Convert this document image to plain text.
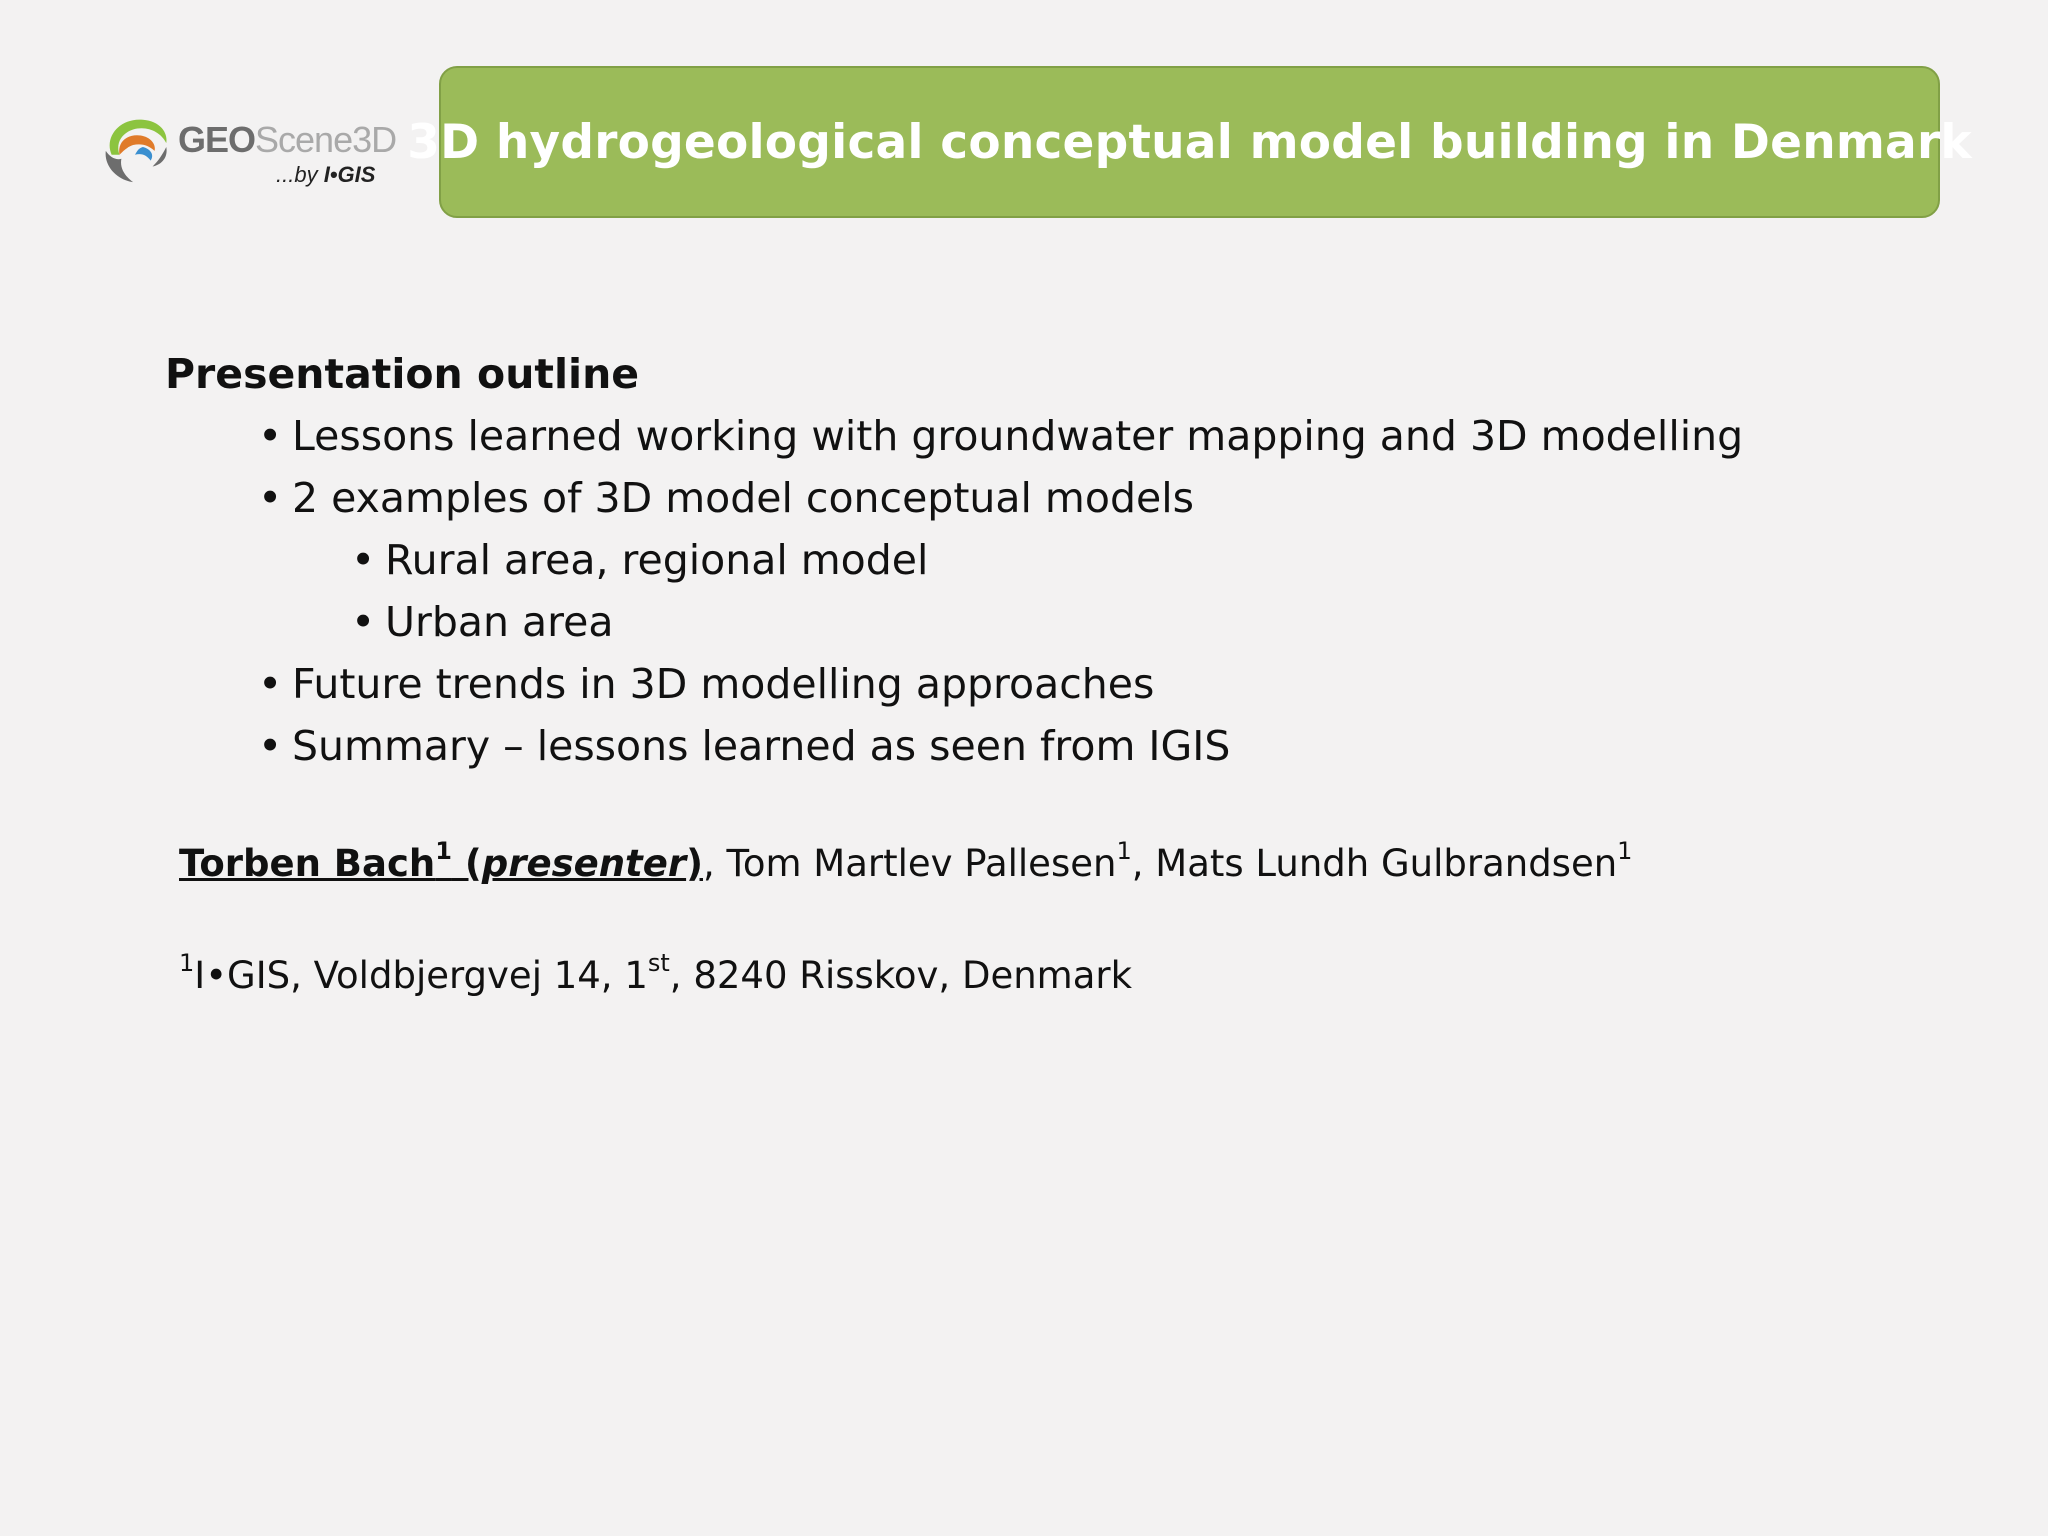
GEOScene3D
...by I•GIS
3D hydrogeological conceptual model building in Denmark

Presentation outline

• Lessons learned working with groundwater mapping and 3D modelling
• 2 examples of 3D model conceptual models
• Rural area, regional model
• Urban area
• Future trends in 3D modelling approaches
• Summary – lessons learned as seen from IGIS
Torben Bach$^1$ (presenter), Tom Martlev Pallesen$^1$, Mats Lundh Gulbrandsen$^1$
$^1$I•GIS, Voldbjergvej 14, 1st, 8240 Risskov, Denmark
